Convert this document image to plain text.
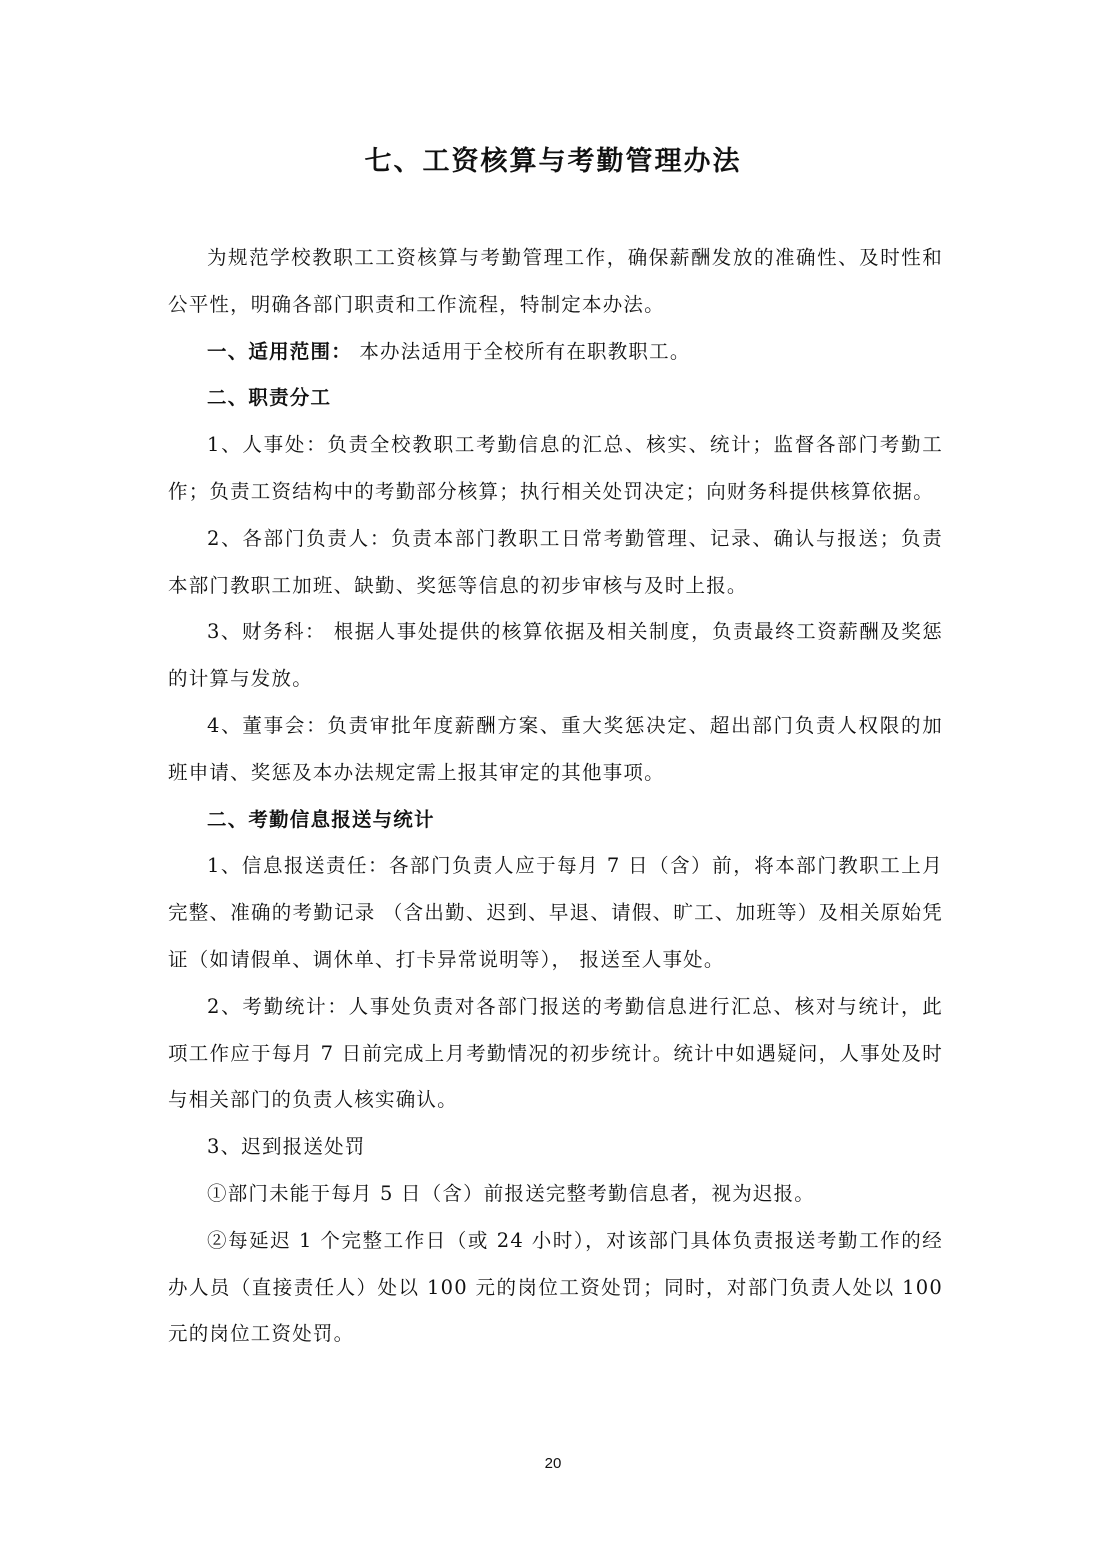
七、工资核算与考勤管理办法

为规范学校教职工工资核算与考勤管理工作，确保薪酬发放的准确性、及时性和公平性，明确各部门职责和工作流程，特制定本办法。

一、适用范围： 本办法适用于全校所有在职教职工。

二、职责分工

1、人事处：负责全校教职工考勤信息的汇总、核实、统计；监督各部门考勤工作；负责工资结构中的考勤部分核算；执行相关处罚决定；向财务科提供核算依据。

2、各部门负责人：负责本部门教职工日常考勤管理、记录、确认与报送；负责本部门教职工加班、缺勤、奖惩等信息的初步审核与及时上报。

3、财务科： 根据人事处提供的核算依据及相关制度，负责最终工资薪酬及奖惩的计算与发放。

4、董事会：负责审批年度薪酬方案、重大奖惩决定、超出部门负责人权限的加班申请、奖惩及本办法规定需上报其审定的其他事项。

二、考勤信息报送与统计

1、信息报送责任：各部门负责人应于每月 7 日（含）前，将本部门教职工上月完整、准确的考勤记录 （含出勤、迟到、早退、请假、旷工、加班等）及相关原始凭证（如请假单、调休单、打卡异常说明等）， 报送至人事处。

2、考勤统计：人事处负责对各部门报送的考勤信息进行汇总、核对与统计，此项工作应于每月 7 日前完成上月考勤情况的初步统计。统计中如遇疑问，人事处及时与相关部门的负责人核实确认。

3、迟到报送处罚

①部门未能于每月 5 日（含）前报送完整考勤信息者，视为迟报。

②每延迟 1 个完整工作日（或 24 小时），对该部门具体负责报送考勤工作的经办人员（直接责任人）处以 100 元的岗位工资处罚；同时，对部门负责人处以 100 元的岗位工资处罚。

20
